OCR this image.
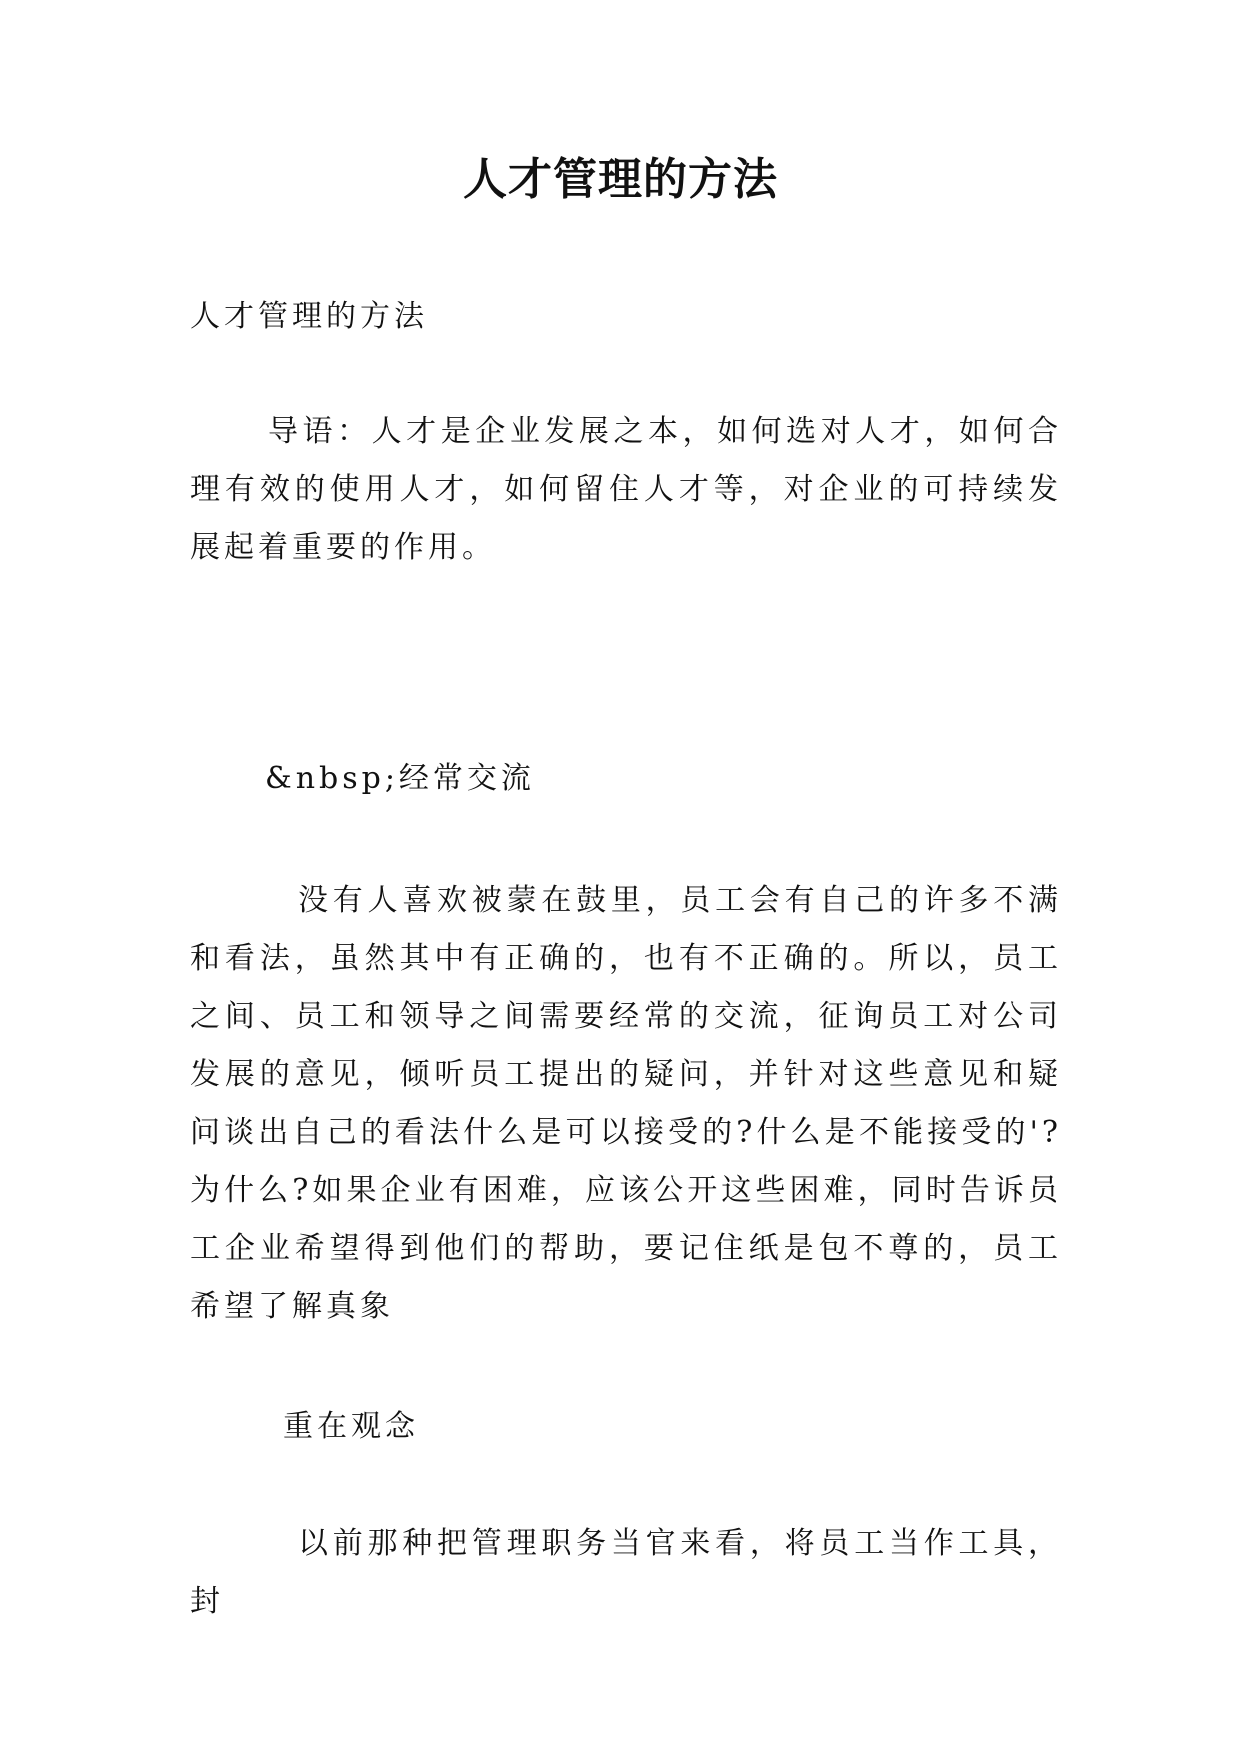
人才管理的方法

人才管理的方法

导语：人才是企业发展之本，如何选对人才，如何合理有效的使用人才，如何留住人才等，对企业的可持续发展起着重要的作用。

&nbsp;经常交流

没有人喜欢被蒙在鼓里，员工会有自己的许多不满和看法，虽然其中有正确的，也有不正确的。所以，员工之间、员工和领导之间需要经常的交流，征询员工对公司发展的意见，倾听员工提出的疑问，并针对这些意见和疑问谈出自己的看法什么是可以接受的?什么是不能接受的'?为什么?如果企业有困难，应该公开这些困难，同时告诉员工企业希望得到他们的帮助，要记住纸是包不尊的，员工希望了解真象

重在观念

以前那种把管理职务当官来看，将员工当作工具，封
